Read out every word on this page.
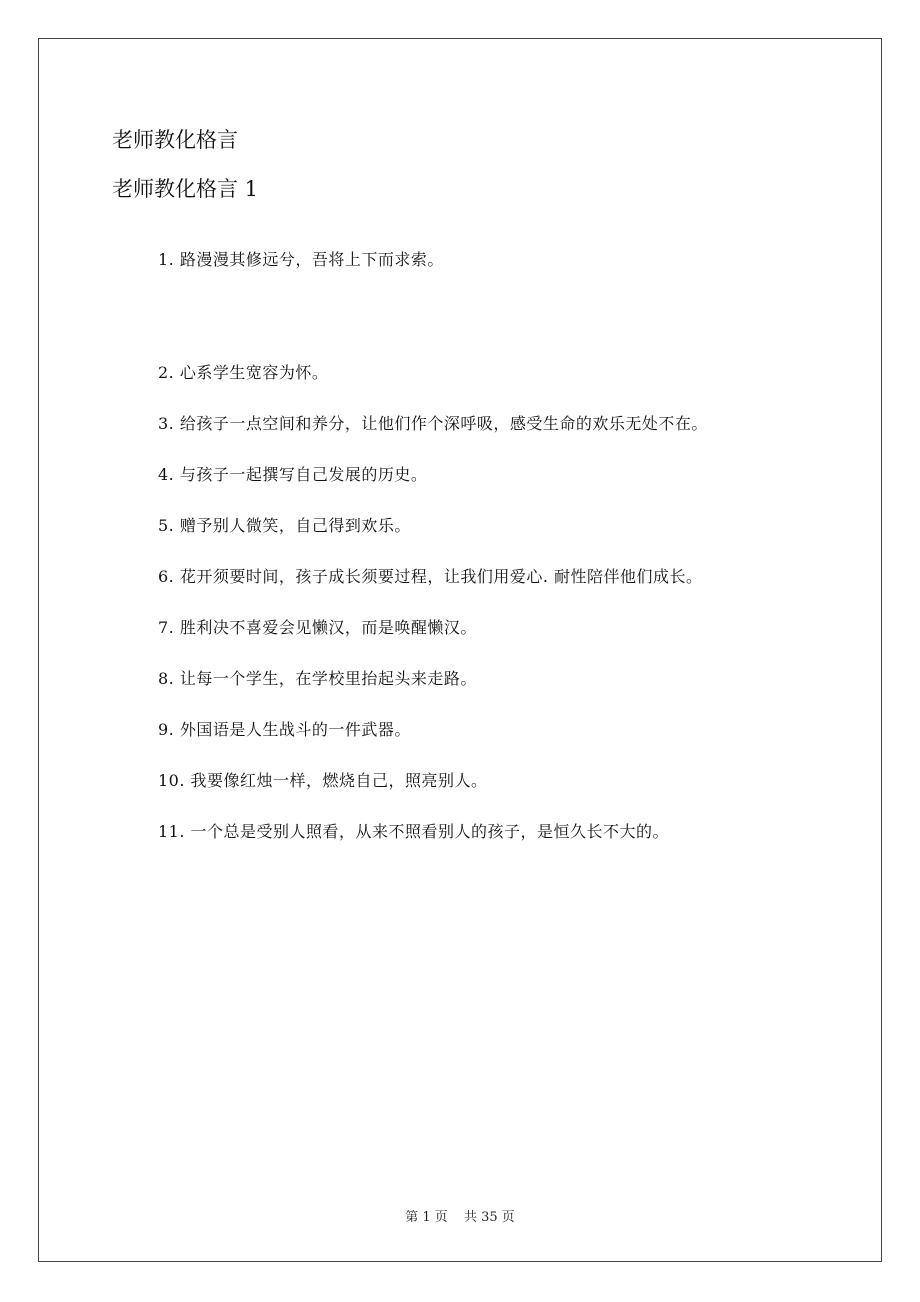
老师教化格言

老师教化格言 1

1. 路漫漫其修远兮，吾将上下而求索。

2. 心系学生宽容为怀。

3. 给孩子一点空间和养分，让他们作个深呼吸，感受生命的欢乐无处不在。

4. 与孩子一起撰写自己发展的历史。

5. 赠予别人微笑，自己得到欢乐。

6. 花开须要时间，孩子成长须要过程，让我们用爱心. 耐性陪伴他们成长。

7. 胜利决不喜爱会见懒汉，而是唤醒懒汉。

8. 让每一个学生，在学校里抬起头来走路。

9. 外国语是人生战斗的一件武器。

10. 我要像红烛一样，燃烧自己，照亮别人。

11. 一个总是受别人照看，从来不照看别人的孩子，是恒久长不大的。

第 1 页 共 35 页
